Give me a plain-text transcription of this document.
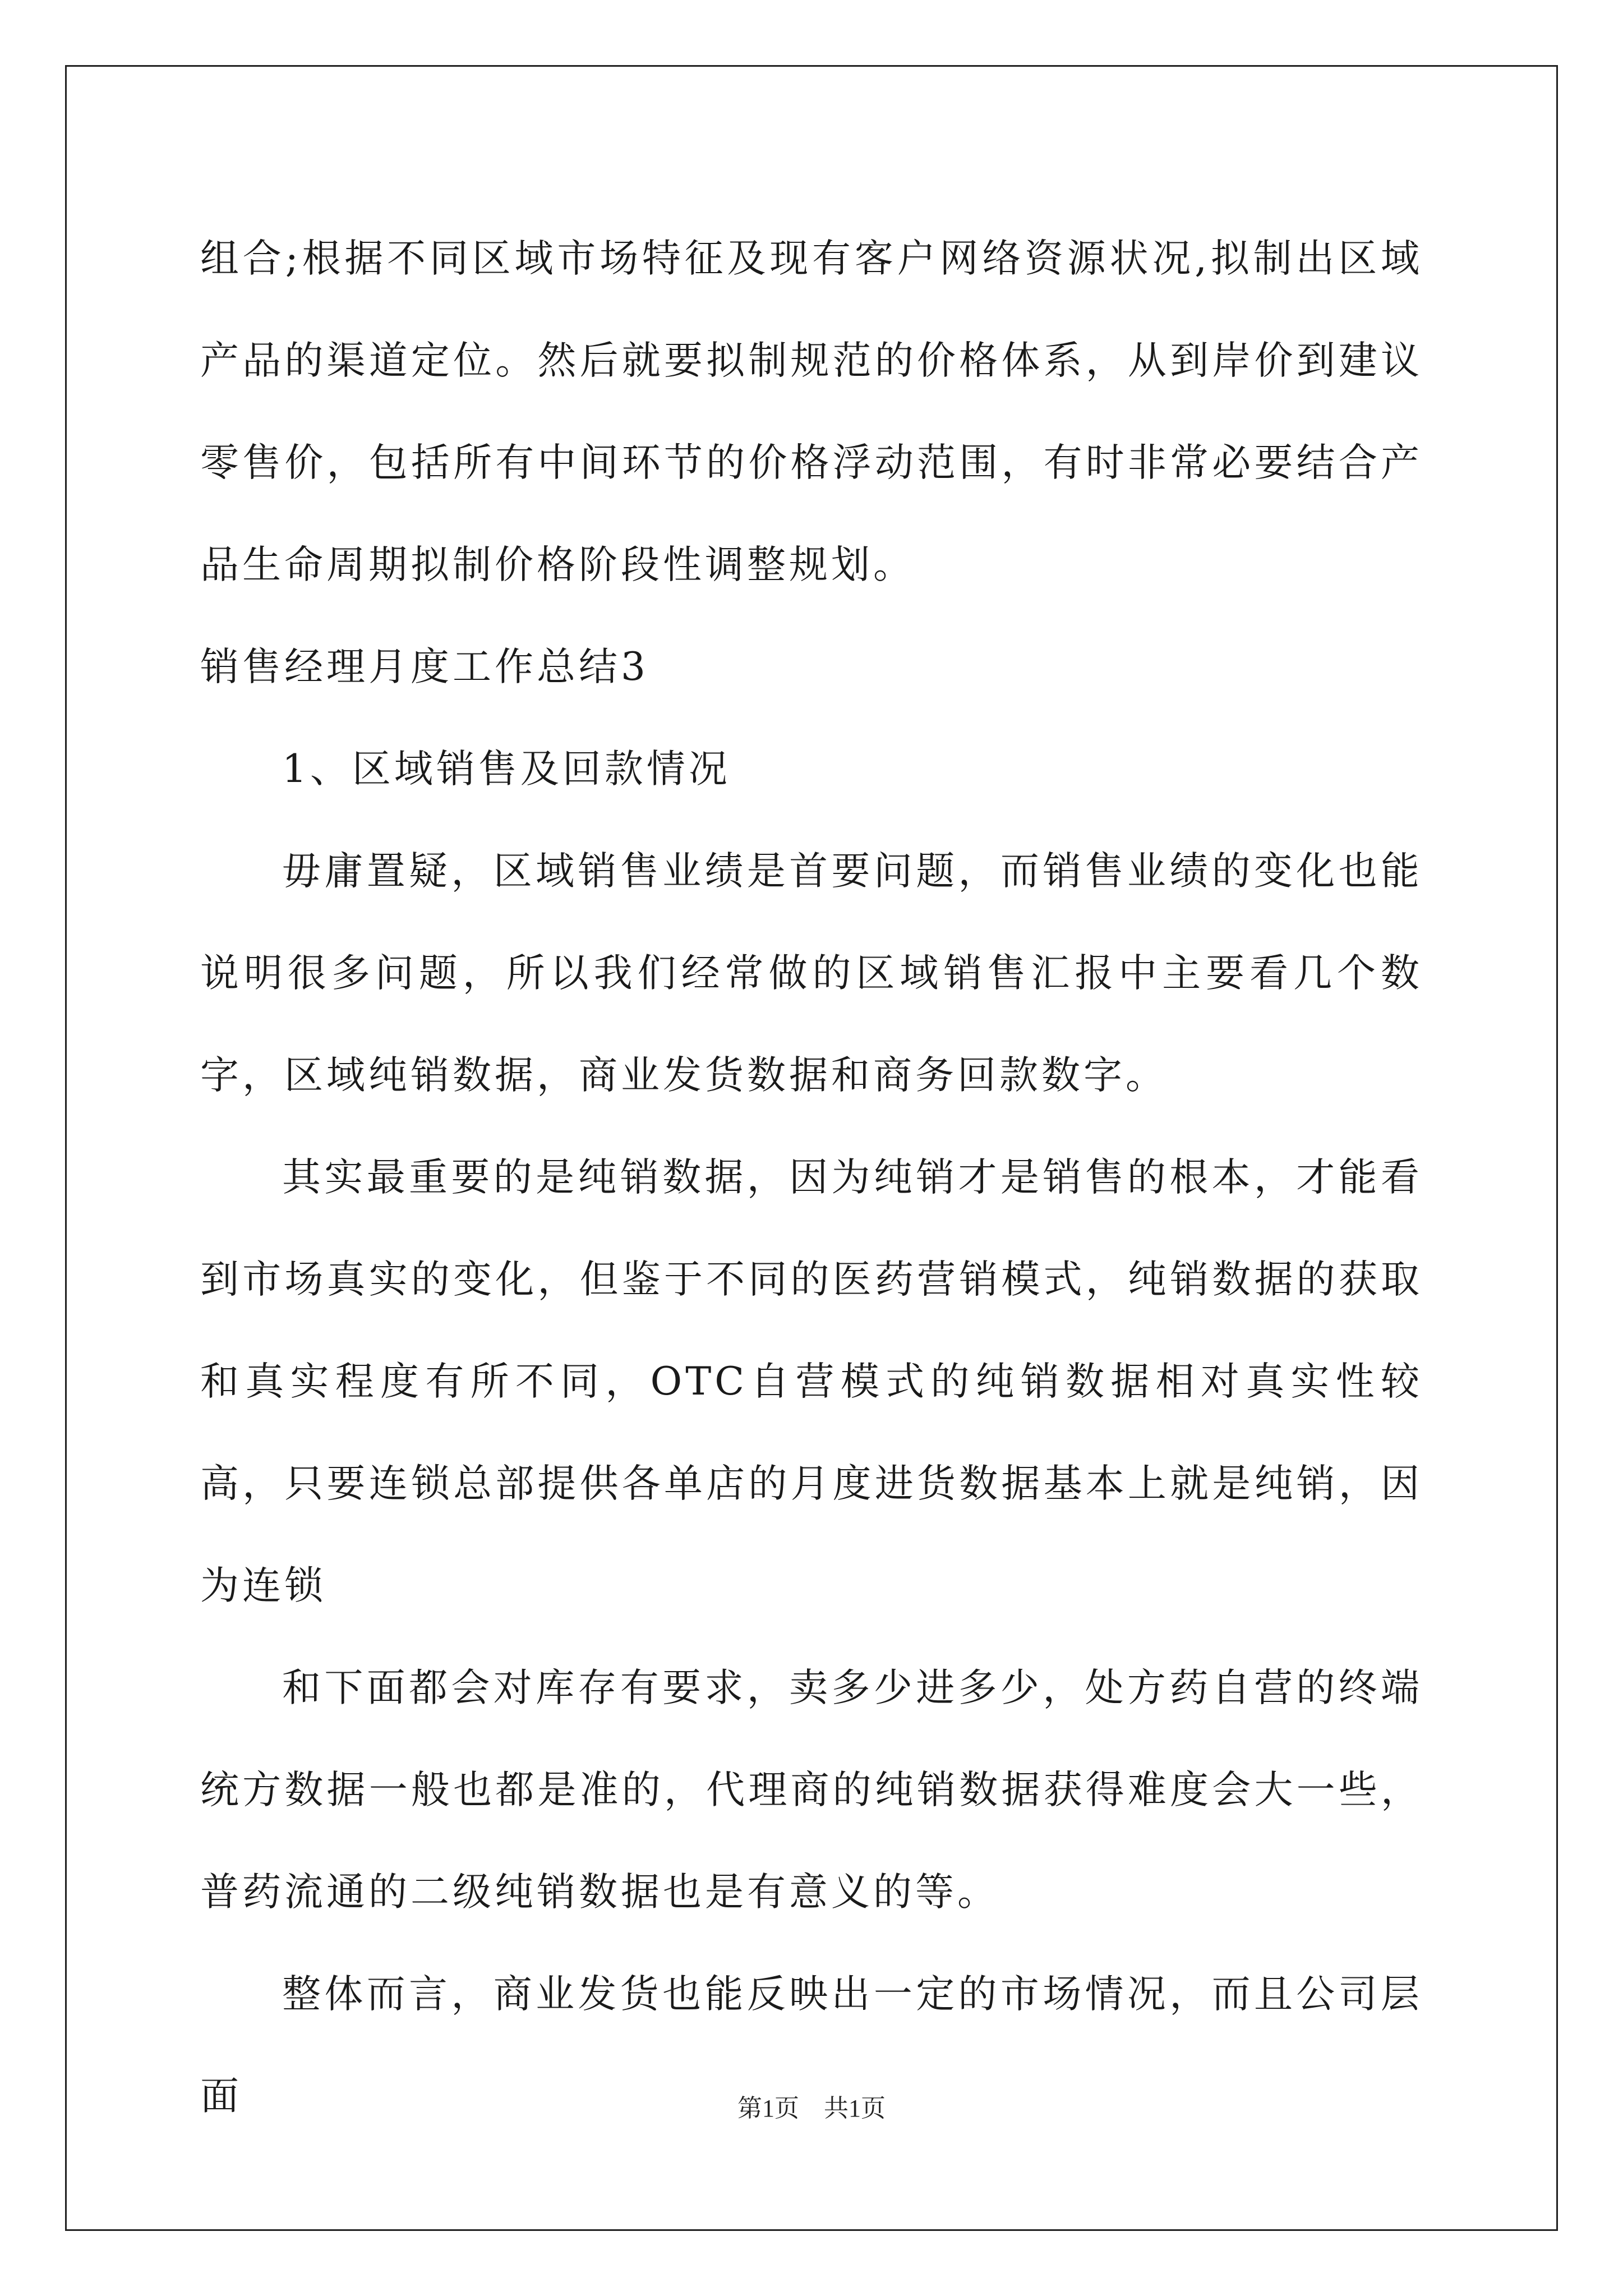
组合;根据不同区域市场特征及现有客户网络资源状况,拟制出区域产品的渠道定位。然后就要拟制规范的价格体系，从到岸价到建议零售价，包括所有中间环节的价格浮动范围，有时非常必要结合产品生命周期拟制价格阶段性调整规划。

销售经理月度工作总结3

1、区域销售及回款情况

毋庸置疑，区域销售业绩是首要问题，而销售业绩的变化也能说明很多问题，所以我们经常做的区域销售汇报中主要看几个数字，区域纯销数据，商业发货数据和商务回款数字。

其实最重要的是纯销数据，因为纯销才是销售的根本，才能看到市场真实的变化，但鉴于不同的医药营销模式，纯销数据的获取和真实程度有所不同，OTC自营模式的纯销数据相对真实性较高，只要连锁总部提供各单店的月度进货数据基本上就是纯销，因为连锁

和下面都会对库存有要求，卖多少进多少，处方药自营的终端统方数据一般也都是准的，代理商的纯销数据获得难度会大一些，普药流通的二级纯销数据也是有意义的等。

整体而言，商业发货也能反映出一定的市场情况，而且公司层面	第1页　共1页
